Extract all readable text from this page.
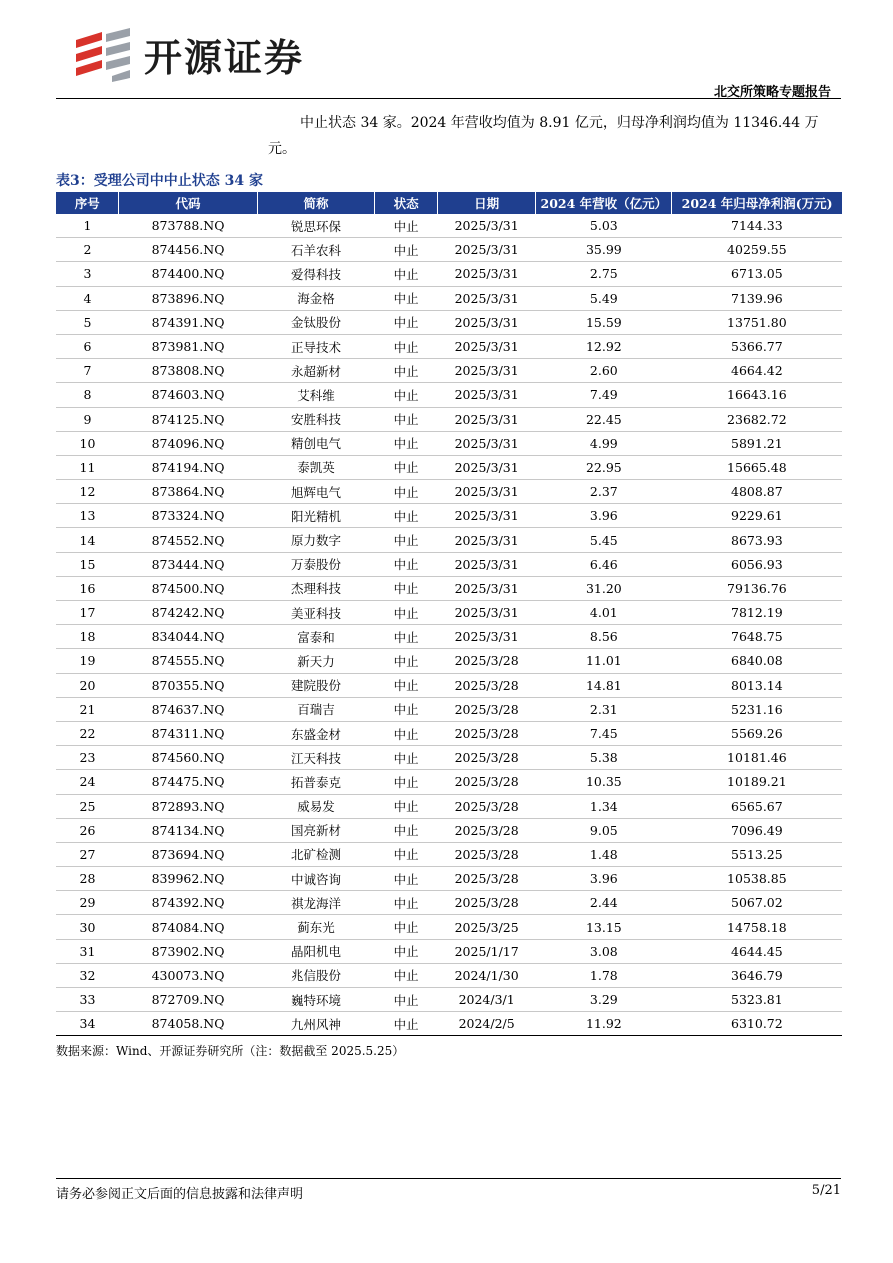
开源证券
北交所策略专题报告
中止状态 34 家。2024 年营收均值为 8.91 亿元，归母净利润均值为 11346.44 万
元。
表3：受理公司中中止状态 34 家
序号	代码	简称	状态	日期	2024 年营收（亿元）	2024 年归母净利润(万元)
1	873788.NQ	锐思环保	中止	2025/3/31	5.03	7144.33
2	874456.NQ	石羊农科	中止	2025/3/31	35.99	40259.55
3	874400.NQ	爱得科技	中止	2025/3/31	2.75	6713.05
4	873896.NQ	海金格	中止	2025/3/31	5.49	7139.96
5	874391.NQ	金钛股份	中止	2025/3/31	15.59	13751.80
6	873981.NQ	正导技术	中止	2025/3/31	12.92	5366.77
7	873808.NQ	永超新材	中止	2025/3/31	2.60	4664.42
8	874603.NQ	艾科维	中止	2025/3/31	7.49	16643.16
9	874125.NQ	安胜科技	中止	2025/3/31	22.45	23682.72
10	874096.NQ	精创电气	中止	2025/3/31	4.99	5891.21
11	874194.NQ	泰凯英	中止	2025/3/31	22.95	15665.48
12	873864.NQ	旭辉电气	中止	2025/3/31	2.37	4808.87
13	873324.NQ	阳光精机	中止	2025/3/31	3.96	9229.61
14	874552.NQ	原力数字	中止	2025/3/31	5.45	8673.93
15	873444.NQ	万泰股份	中止	2025/3/31	6.46	6056.93
16	874500.NQ	杰理科技	中止	2025/3/31	31.20	79136.76
17	874242.NQ	美亚科技	中止	2025/3/31	4.01	7812.19
18	834044.NQ	富泰和	中止	2025/3/31	8.56	7648.75
19	874555.NQ	新天力	中止	2025/3/28	11.01	6840.08
20	870355.NQ	建院股份	中止	2025/3/28	14.81	8013.14
21	874637.NQ	百瑞吉	中止	2025/3/28	2.31	5231.16
22	874311.NQ	东盛金材	中止	2025/3/28	7.45	5569.26
23	874560.NQ	江天科技	中止	2025/3/28	5.38	10181.46
24	874475.NQ	拓普泰克	中止	2025/3/28	10.35	10189.21
25	872893.NQ	威易发	中止	2025/3/28	1.34	6565.67
26	874134.NQ	国亮新材	中止	2025/3/28	9.05	7096.49
27	873694.NQ	北矿检测	中止	2025/3/28	1.48	5513.25
28	839962.NQ	中诚咨询	中止	2025/3/28	3.96	10538.85
29	874392.NQ	祺龙海洋	中止	2025/3/28	2.44	5067.02
30	874084.NQ	蓟东光	中止	2025/3/25	13.15	14758.18
31	873902.NQ	晶阳机电	中止	2025/1/17	3.08	4644.45
32	430073.NQ	兆信股份	中止	2024/1/30	1.78	3646.79
33	872709.NQ	巍特环境	中止	2024/3/1	3.29	5323.81
34	874058.NQ	九州风神	中止	2024/2/5	11.92	6310.72
数据来源：Wind、开源证券研究所（注：数据截至 2025.5.25）
请务必参阅正文后面的信息披露和法律声明	5/21
